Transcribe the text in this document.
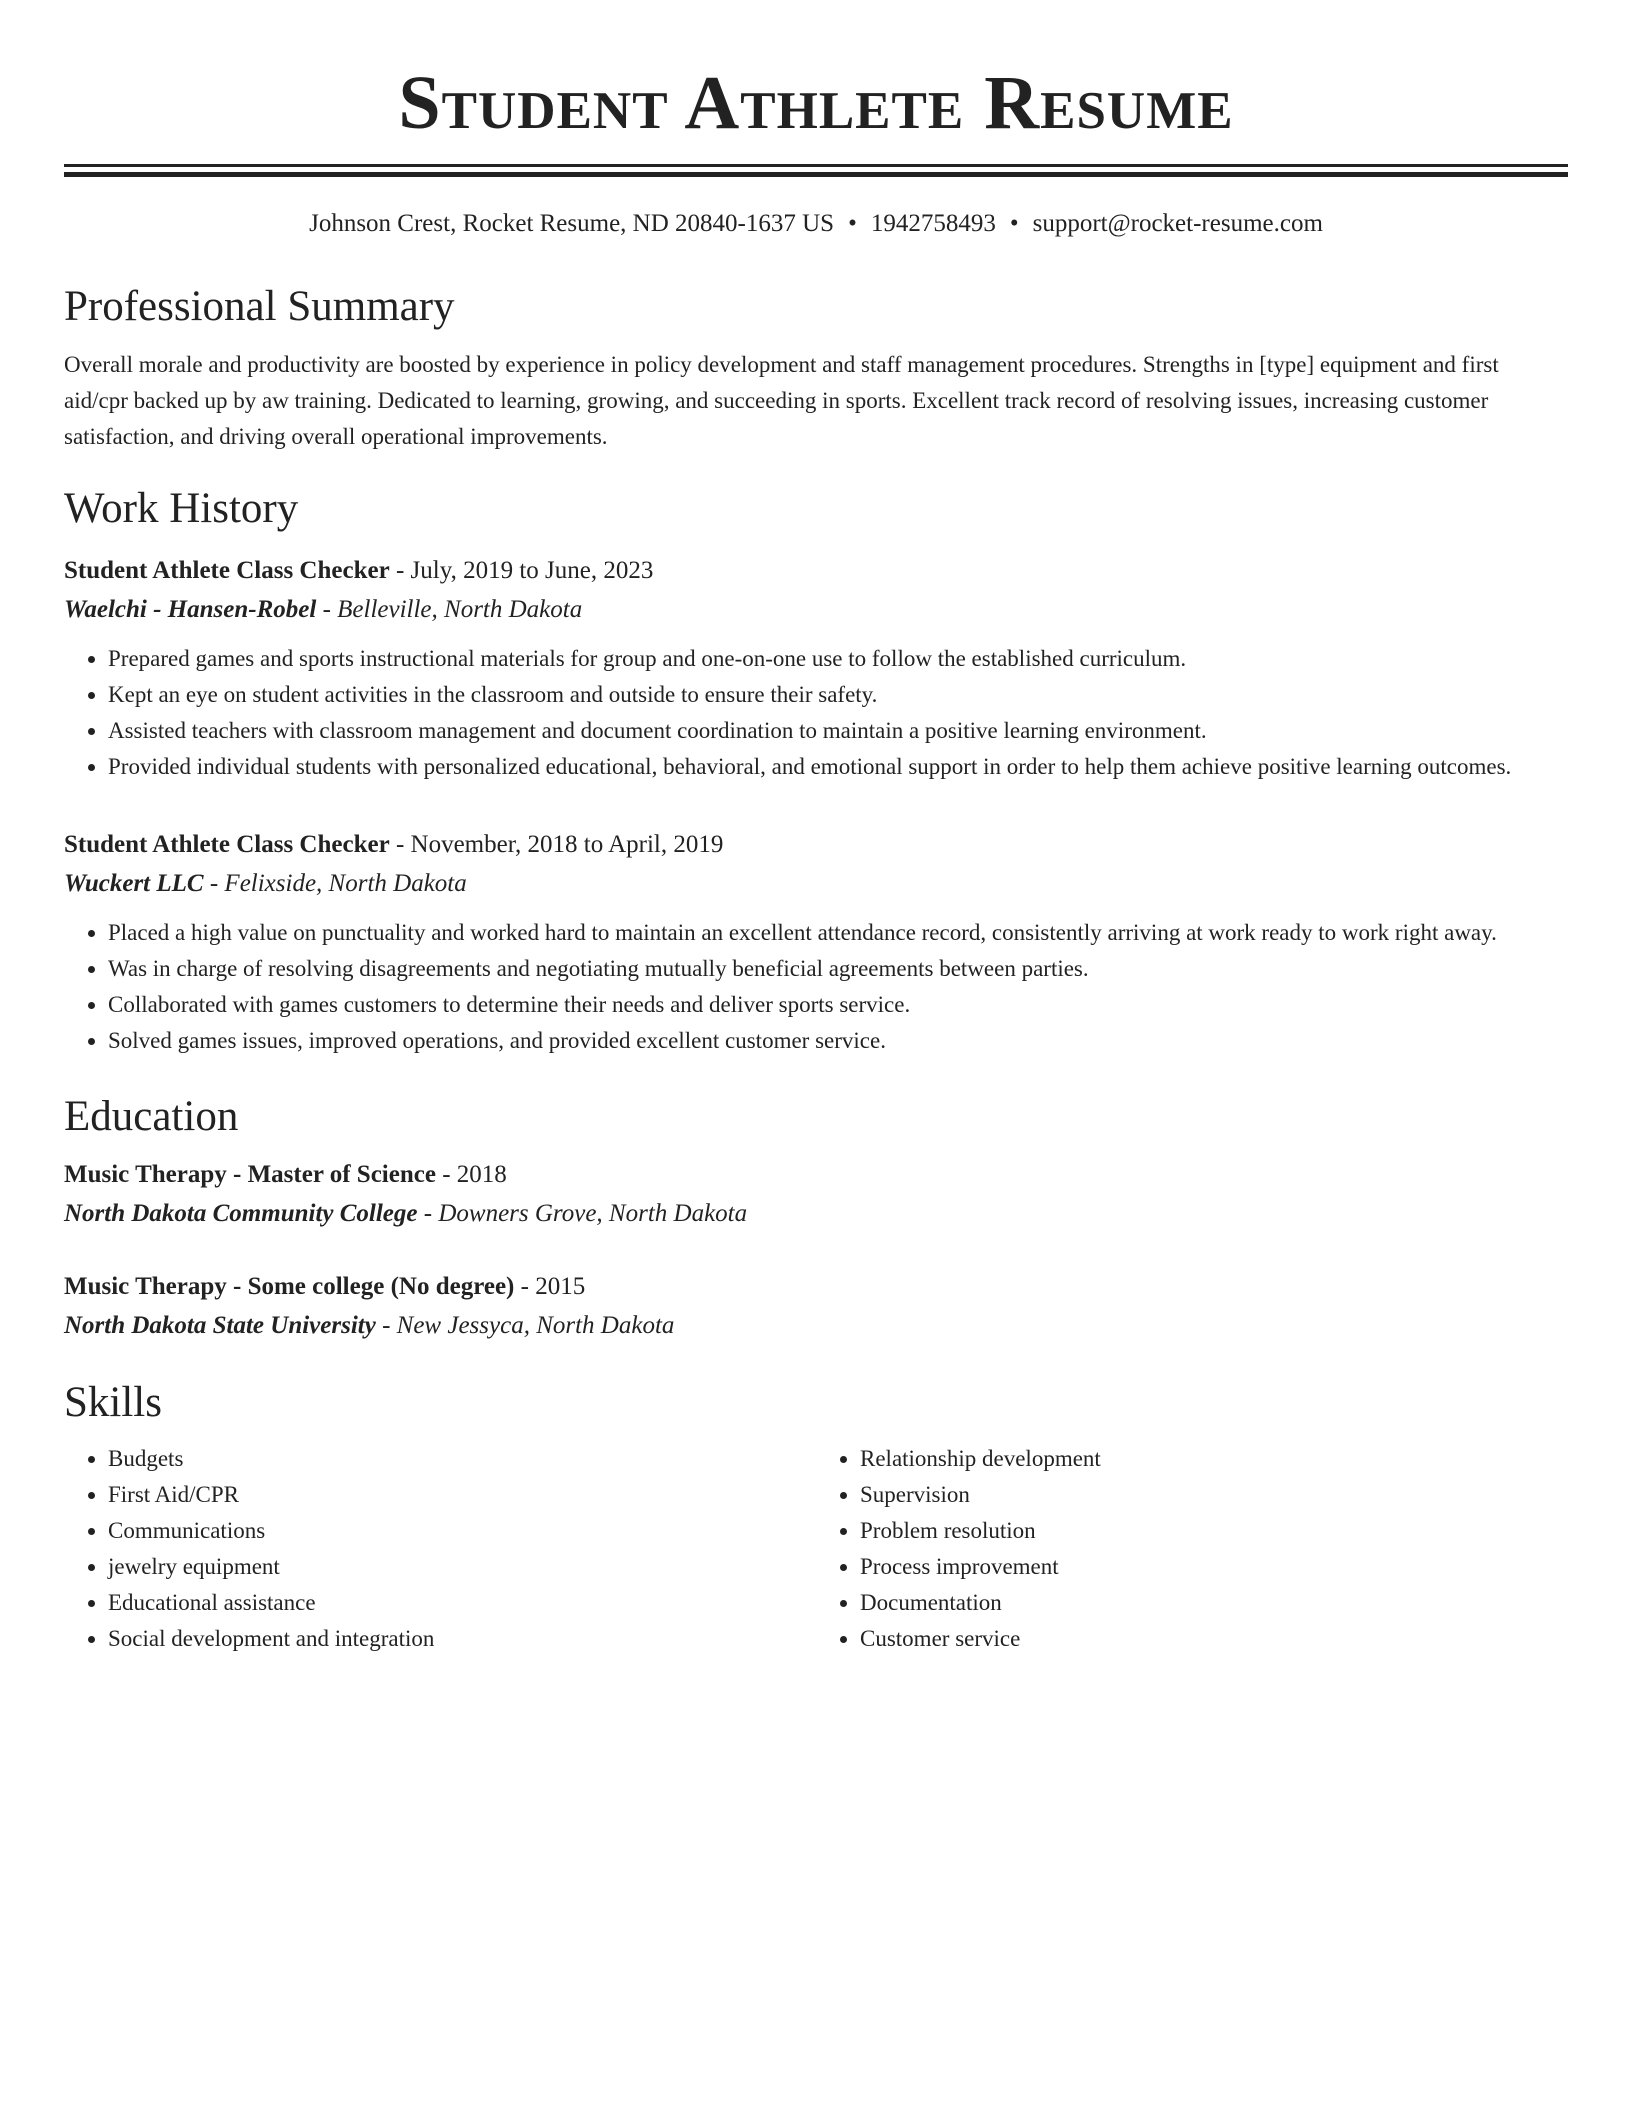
Student Athlete Resume
Johnson Crest, Rocket Resume, ND 20840-1637 US • 1942758493 • support@rocket-resume.com
Professional Summary

Overall morale and productivity are boosted by experience in policy development and staff management procedures. Strengths in [type] equipment and first aid/cpr backed up by aw training. Dedicated to learning, growing, and succeeding in sports. Excellent track record of resolving issues, increasing customer satisfaction, and driving overall operational improvements.

Work History
Student Athlete Class Checker - July, 2019 to June, 2023
Waelchi - Hansen-Robel - Belleville, North Dakota
• Prepared games and sports instructional materials for group and one-on-one use to follow the established curriculum.
• Kept an eye on student activities in the classroom and outside to ensure their safety.
• Assisted teachers with classroom management and document coordination to maintain a positive learning environment.
• Provided individual students with personalized educational, behavioral, and emotional support in order to help them achieve positive learning outcomes.
Student Athlete Class Checker - November, 2018 to April, 2019
Wuckert LLC - Felixside, North Dakota
• Placed a high value on punctuality and worked hard to maintain an excellent attendance record, consistently arriving at work ready to work right away.
• Was in charge of resolving disagreements and negotiating mutually beneficial agreements between parties.
• Collaborated with games customers to determine their needs and deliver sports service.
• Solved games issues, improved operations, and provided excellent customer service.
Education
Music Therapy - Master of Science - 2018
North Dakota Community College - Downers Grove, North Dakota
Music Therapy - Some college (No degree) - 2015
North Dakota State University - New Jessyca, North Dakota
Skills
• Budgets
• First Aid/CPR
• Communications
• jewelry equipment
• Educational assistance
• Social development and integration
• Relationship development
• Supervision
• Problem resolution
• Process improvement
• Documentation
• Customer service
